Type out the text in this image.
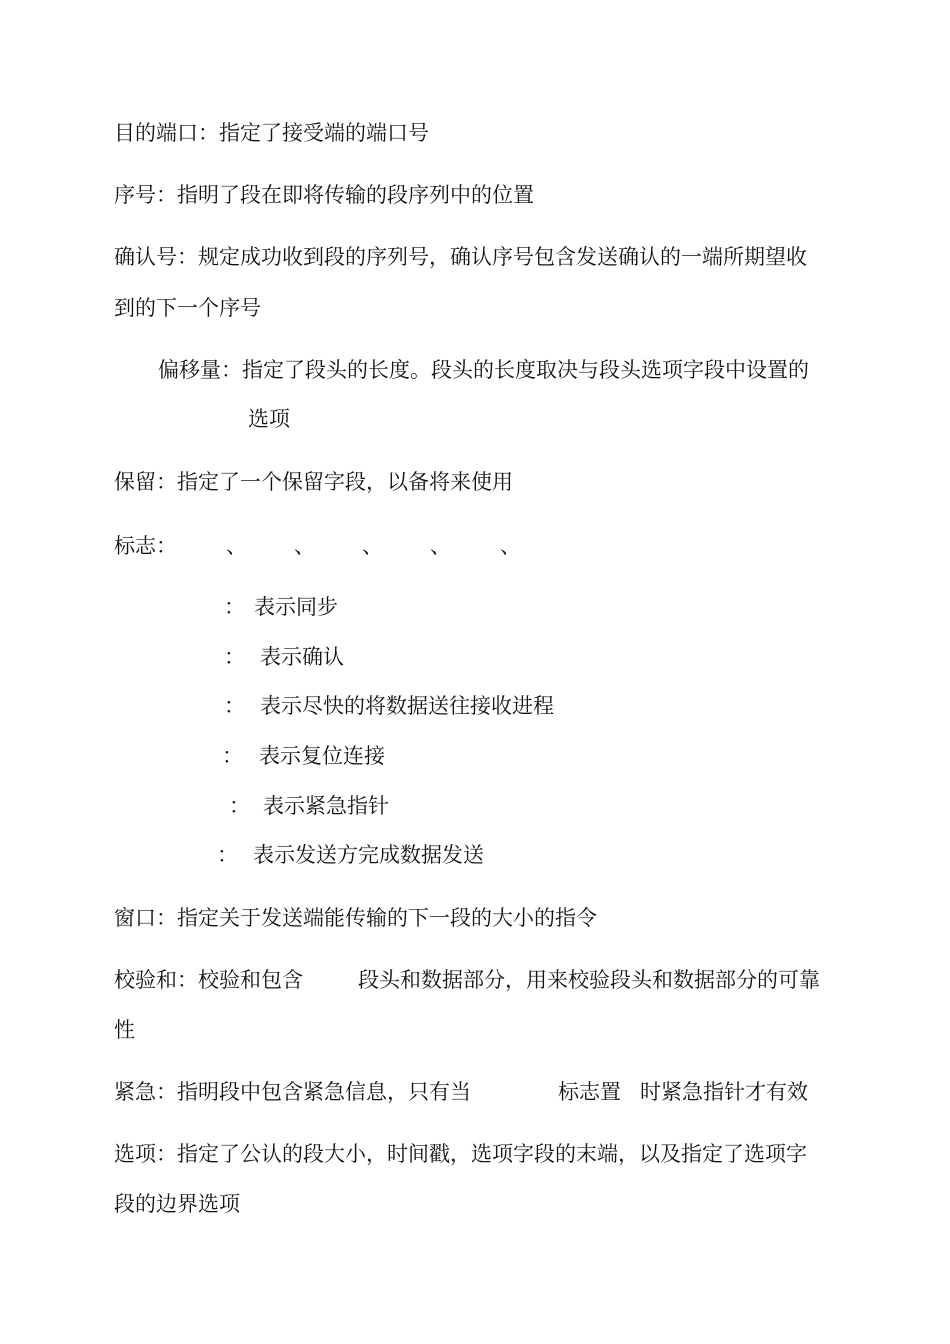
目的端口：指定了接受端的端口号

序号：指明了段在即将传输的段序列中的位置

确认号：规定成功收到段的序列号，确认序号包含发送确认的一端所期望收

到的下一个序号

偏移量：指定了段头的长度。段头的长度取决与段头选项字段中设置的

选项

保留：指定了一个保留字段，以备将来使用

标志： 、 、 、 、 、
： 表示同步
： 表示确认
： 表示尽快的将数据送往接收进程
： 表示复位连接
： 表示紧急指针
： 表示发送方完成数据发送

窗口：指定关于发送端能传输的下一段的大小的指令

校验和：校验和包含	段头和数据部分，用来校验段头和数据部分的可靠

性

紧急：指明段中包含紧急信息，只有当	标志置 时紧急指针才有效

选项：指定了公认的段大小，时间戳，选项字段的末端，以及指定了选项字

段的边界选项
